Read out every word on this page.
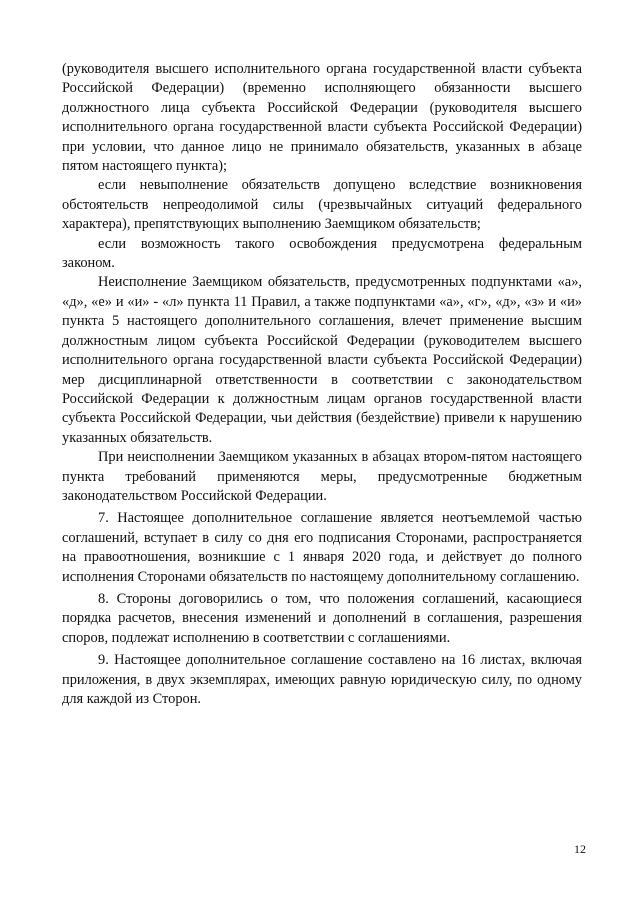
(руководителя высшего исполнительного органа государственной власти субъекта Российской Федерации) (временно исполняющего обязанности высшего должностного лица субъекта Российской Федерации (руководителя высшего исполнительного органа государственной власти субъекта Российской Федерации) при условии, что данное лицо не принимало обязательств, указанных в абзаце пятом настоящего пункта);

если невыполнение обязательств допущено вследствие возникновения обстоятельств непреодолимой силы (чрезвычайных ситуаций федерального характера), препятствующих выполнению Заемщиком обязательств;

если возможность такого освобождения предусмотрена федеральным законом.

Неисполнение Заемщиком обязательств, предусмотренных подпунктами «а», «д», «е» и «и» - «л» пункта 11 Правил, а также подпунктами «а», «г», «д», «з» и «и» пункта 5 настоящего дополнительного соглашения, влечет применение высшим должностным лицом субъекта Российской Федерации (руководителем высшего исполнительного органа государственной власти субъекта Российской Федерации) мер дисциплинарной ответственности в соответствии с законодательством Российской Федерации к должностным лицам органов государственной власти субъекта Российской Федерации, чьи действия (бездействие) привели к нарушению указанных обязательств.

При неисполнении Заемщиком указанных в абзацах втором-пятом настоящего пункта требований применяются меры, предусмотренные бюджетным законодательством Российской Федерации.

7. Настоящее дополнительное соглашение является неотъемлемой частью соглашений, вступает в силу со дня его подписания Сторонами, распространяется на правоотношения, возникшие с 1 января 2020 года, и действует до полного исполнения Сторонами обязательств по настоящему дополнительному соглашению.

8. Стороны договорились о том, что положения соглашений, касающиеся порядка расчетов, внесения изменений и дополнений в соглашения, разрешения споров, подлежат исполнению в соответствии с соглашениями.

9. Настоящее дополнительное соглашение составлено на 16 листах, включая приложения, в двух экземплярах, имеющих равную юридическую силу, по одному для каждой из Сторон.

12
